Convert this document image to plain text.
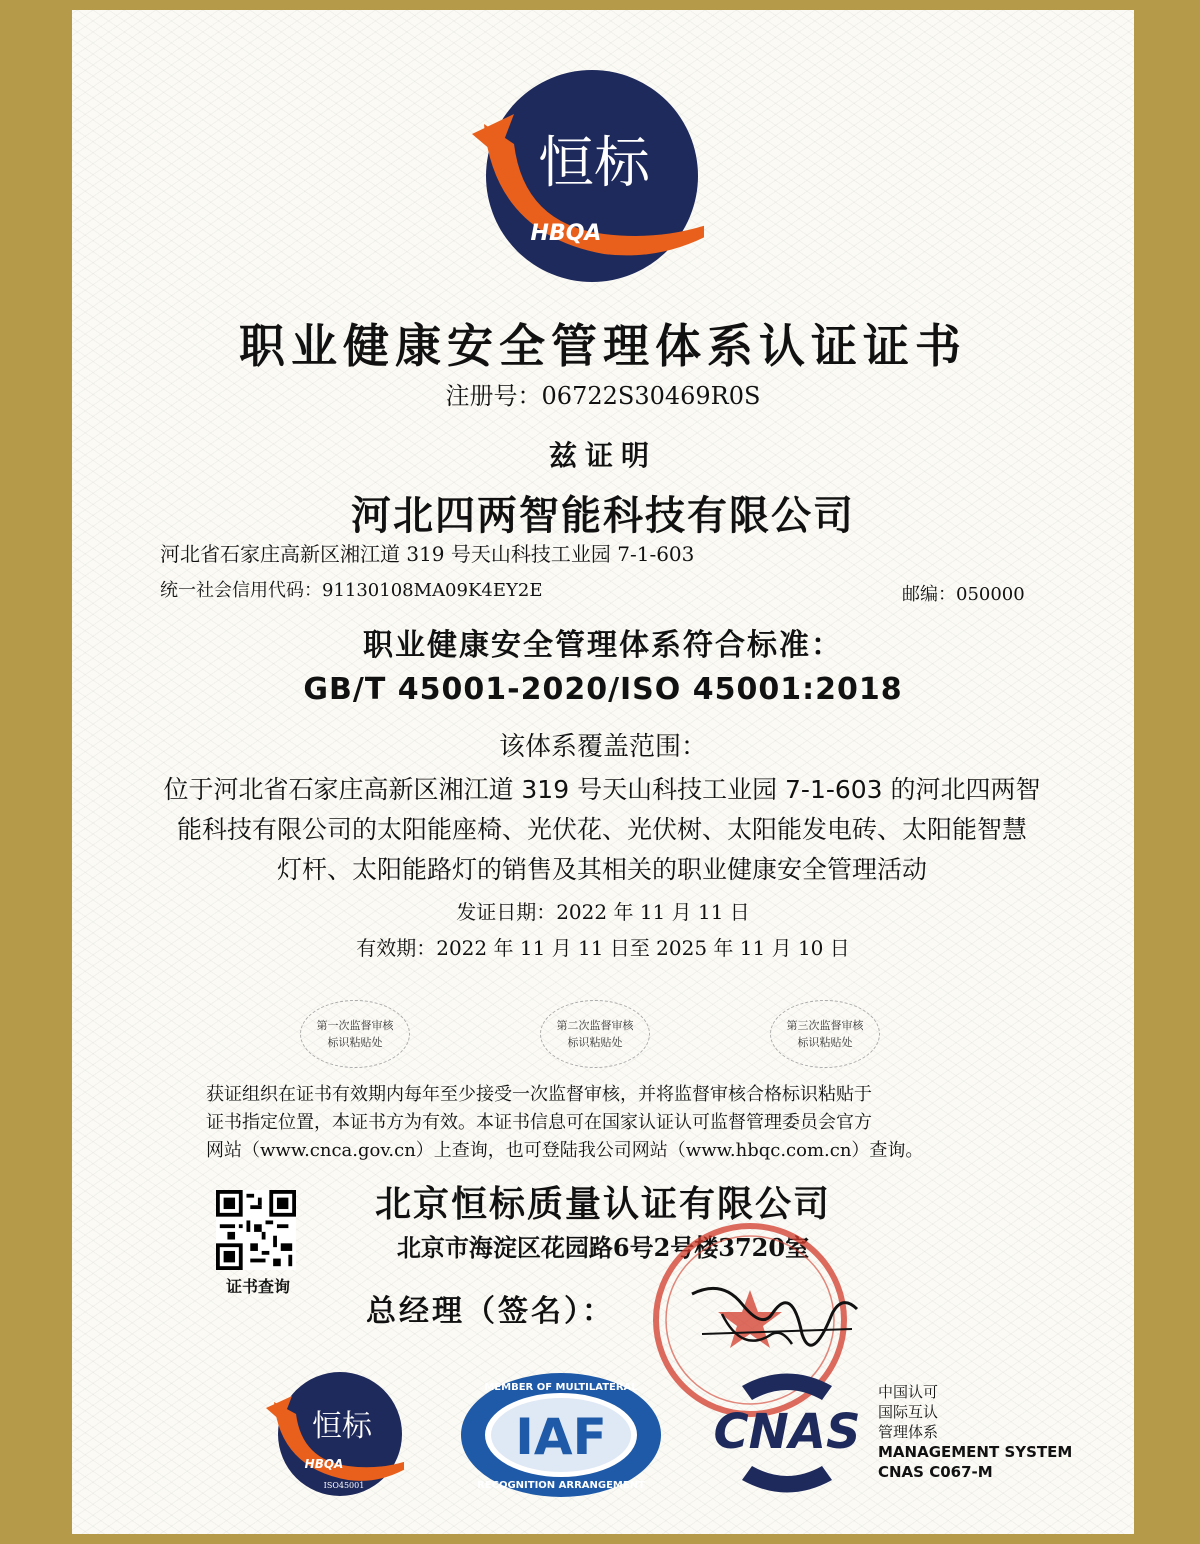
恒标
HBQA
职业健康安全管理体系认证证书
注册号：06722S30469R0S
兹证明
河北四两智能科技有限公司
河北省石家庄高新区湘江道 319 号天山科技工业园 7-1-603
统一社会信用代码：91130108MA09K4EY2E	邮编：050000
职业健康安全管理体系符合标准：
GB/T 45001-2020/ISO 45001:2018
该体系覆盖范围：
位于河北省石家庄高新区湘江道 319 号天山科技工业园 7-1-603 的河北四两智
能科技有限公司的太阳能座椅、光伏花、光伏树、太阳能发电砖、太阳能智慧
灯杆、太阳能路灯的销售及其相关的职业健康安全管理活动
发证日期：2022 年 11 月 11 日
有效期：2022 年 11 月 11 日至 2025 年 11 月 10 日
第一次监督审核
标识粘贴处
第二次监督审核
标识粘贴处
第三次监督审核
标识粘贴处
获证组织在证书有效期内每年至少接受一次监督审核，并将监督审核合格标识粘贴于
证书指定位置，本证书方为有效。本证书信息可在国家认证认可监督管理委员会官方
网站（www.cnca.gov.cn）上查询，也可登陆我公司网站（www.hbqc.com.cn）查询。
证书查询
北京恒标质量认证有限公司
北京市海淀区花园路6号2号楼3720室
总经理（签名）：
恒标
HBQA
ISO45001
IAF
MEMBER OF MULTILATERAL
RECOGNITION ARRANGEMENT
CNAS
中国认可
国际互认
管理体系
MANAGEMENT SYSTEM
CNAS C067-M
